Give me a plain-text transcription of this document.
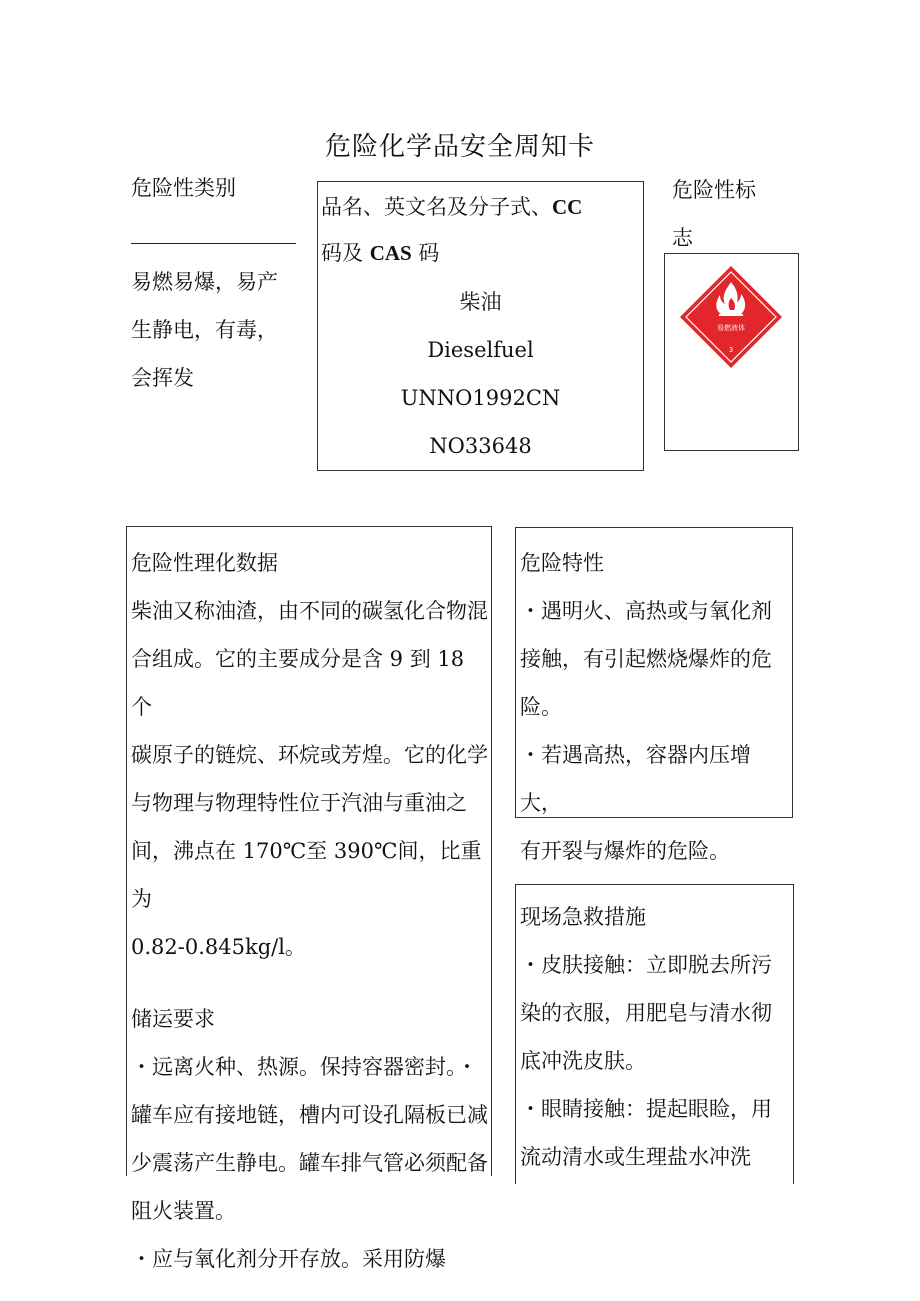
危险化学品安全周知卡
危险性类别
易燃易爆，易产
生静电，有毒，
会挥发
品名、英文名及分子式、CC
码及 CAS 码
柴油
Dieselfuel
UNNO1992CN
NO33648
危险性标
志
易燃液体
3
危险性理化数据
柴油又称油渣，由不同的碳氢化合物混
合组成。它的主要成分是含 9 到 18 个
碳原子的链烷、环烷或芳煌。它的化学
与物理与物理特性位于汽油与重油之
间，沸点在 170℃至 390℃间，比重为
0.82-0.845kg/l。
储运要求
・远离火种、热源。保持容器密封。・
罐车应有接地链，槽内可设孔隔板已减
少震荡产生静电。罐车排气管必须配备
阻火装置。
・应与氧化剂分开存放。采用防爆
危险特性
・遇明火、高热或与氧化剂
接触，有引起燃烧爆炸的危
险。
・若遇高热，容器内压增 大，
有开裂与爆炸的危险。
现场急救措施
・皮肤接触：立即脱去所污
染的衣服，用肥皂与清水彻
底冲洗皮肤。
・眼睛接触：提起眼睑，用
流动清水或生理盐水冲洗
